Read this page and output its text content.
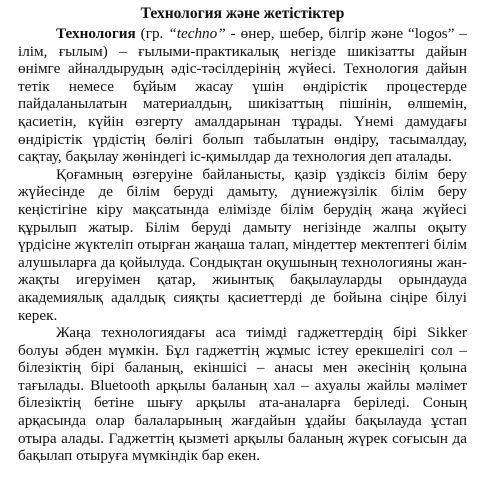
Технология және жетістіктер

Технология (гр. “techno” - өнер, шебер, білгір және “logos” – ілім, ғылым) – ғылыми-практикалық негізде шикізатты дайын өнімге айналдырудың әдіс-тәсілдерінің жүйесі. Технология дайын тетік немесе бұйым жасау үшін өндірістік процестерде пайдаланылатын материалдың, шикізаттың пішінін, өлшемін, қасиетін, күйін өзгерту амалдарынан тұрады. Үнемі дамудағы өндірістік үрдістің бөлігі болып табылатын өндіру, тасымалдау, сақтау, бақылау жөніндегі іс-қимылдар да технология деп аталады.

Қоғамның өзгеруіне байланысты, қазір үздіксіз білім беру жүйесінде де білім беруді дамыту, дүниежүзілік білім беру кеңістігіне кіру мақсатында елімізде білім берудің жаңа жүйесі құрылып жатыр. Білім беруді дамыту негізінде жалпы оқыту үрдісіне жүктеліп отырған жаңаша талап, міндеттер мектептегі білім алушыларға да қойылуда. Сондықтан оқушының технологияны жан-жақты игеруімен қатар, жиынтық бақылауларды орындауда академиялық адалдық сияқты қасиеттерді де бойына сіңіре білуі керек.

Жаңа технологиядағы аса тиімді гаджеттердің бірі Sikker болуы әбден мүмкін. Бұл гаджеттің жұмыс істеу ерекшелігі сол – білезіктің бірі баланың, екіншісі – анасы мен әкесінің қолына тағылады. Bluetooth арқылы баланың хал – ахуалы жайлы мәлімет білезіктің бетіне шығу арқылы ата-аналарға беріледі. Соның арқасында олар балаларының жағдайын ұдайы бақылауда ұстап отыра алады. Гаджеттің қызметі арқылы баланың жүрек соғысын да бақылап отыруға мүмкіндік бар екен.
